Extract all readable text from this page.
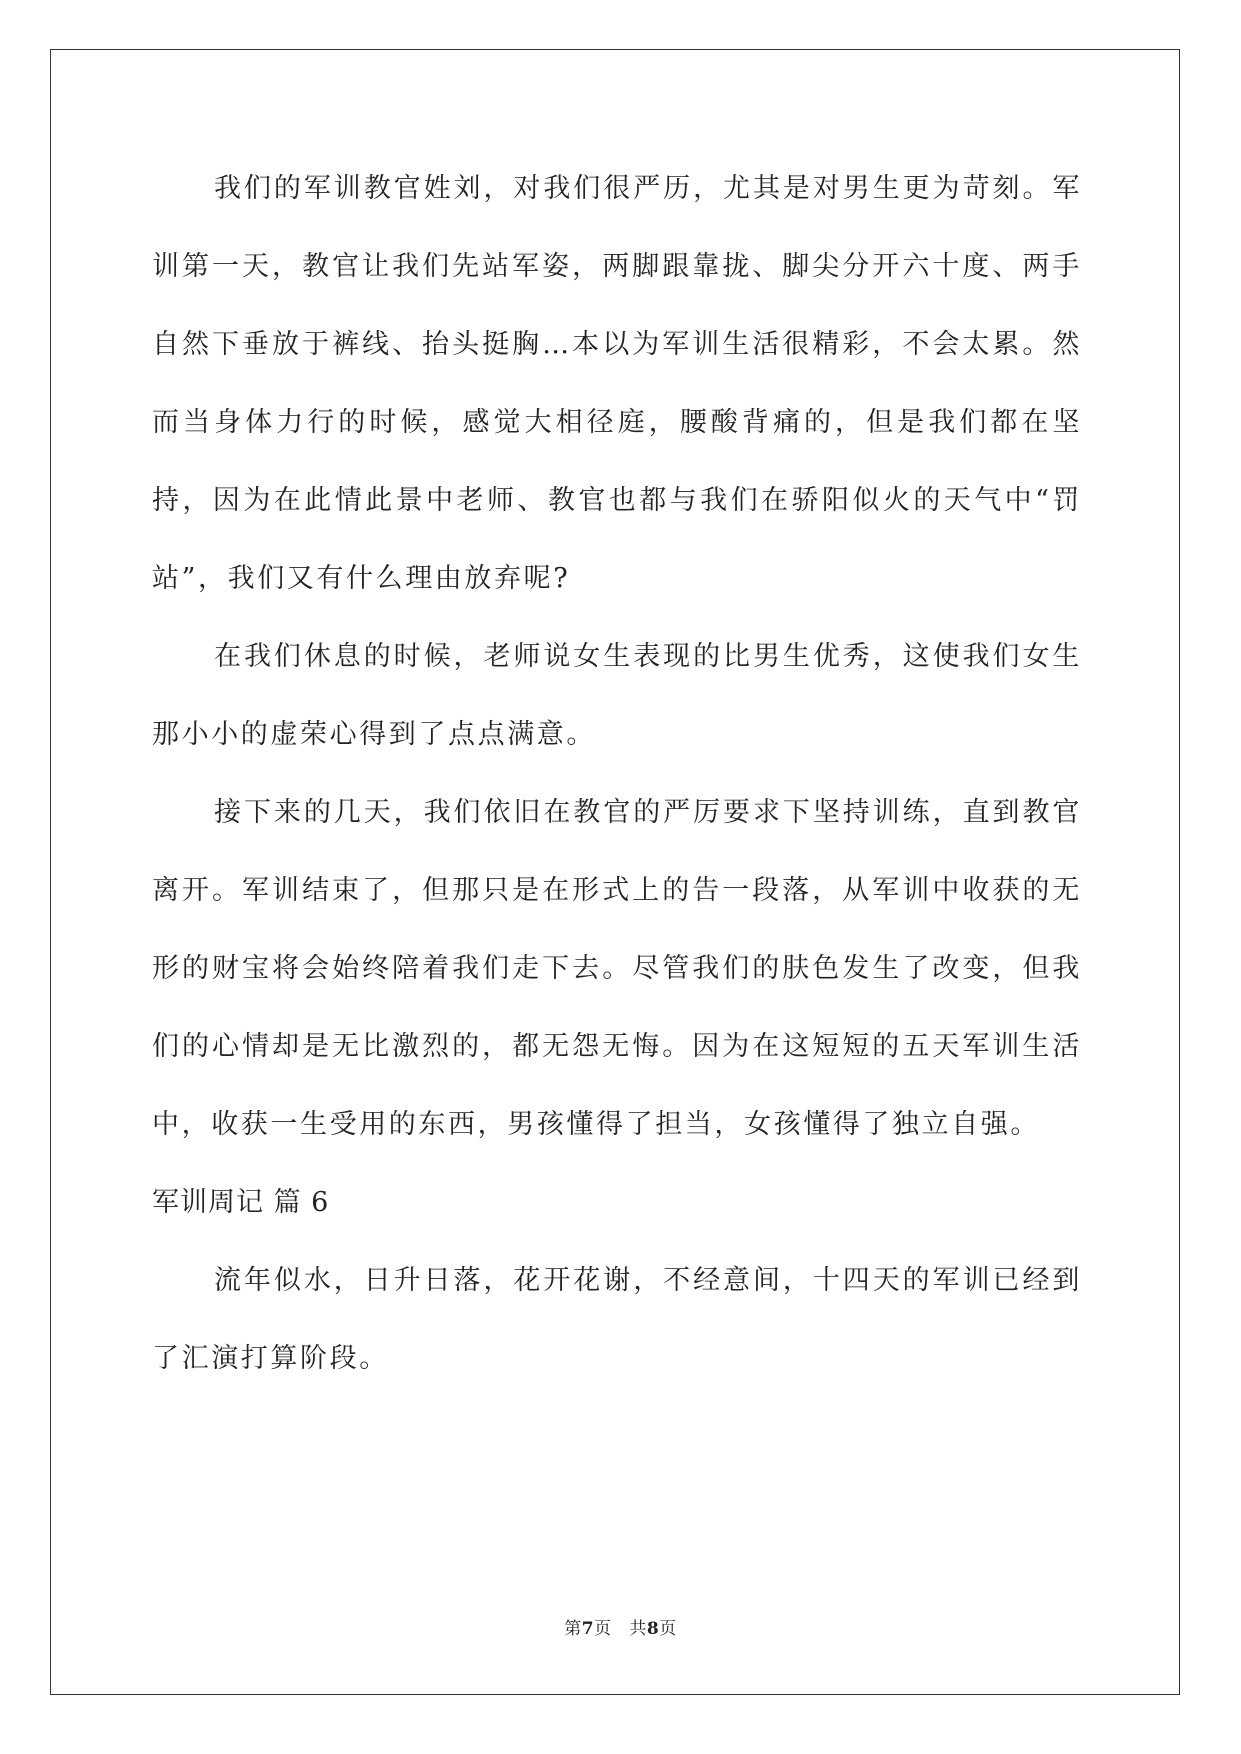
我们的军训教官姓刘，对我们很严历，尤其是对男生更为苛刻。军训第一天，教官让我们先站军姿，两脚跟靠拢、脚尖分开六十度、两手自然下垂放于裤线、抬头挺胸…本以为军训生活很精彩，不会太累。然而当身体力行的时候，感觉大相径庭，腰酸背痛的，但是我们都在坚持，因为在此情此景中老师、教官也都与我们在骄阳似火的天气中“罚站”，我们又有什么理由放弃呢?

在我们休息的时候，老师说女生表现的比男生优秀，这使我们女生那小小的虚荣心得到了点点满意。

接下来的几天，我们依旧在教官的严厉要求下坚持训练，直到教官离开。军训结束了，但那只是在形式上的告一段落，从军训中收获的无形的财宝将会始终陪着我们走下去。尽管我们的肤色发生了改变，但我们的心情却是无比激烈的，都无怨无悔。因为在这短短的五天军训生活中，收获一生受用的东西，男孩懂得了担当，女孩懂得了独立自强。

军训周记 篇 6

流年似水，日升日落，花开花谢，不经意间，十四天的军训已经到了汇演打算阶段。

第7页 共8页
